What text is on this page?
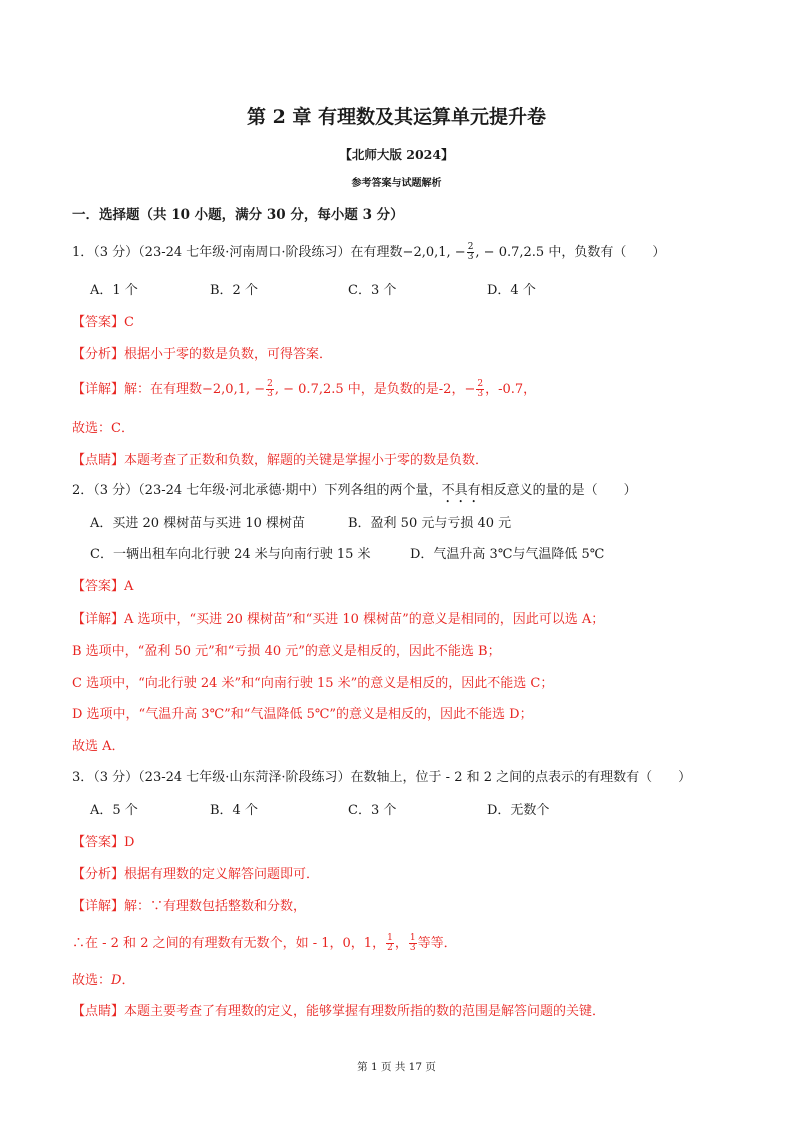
第 2 章 有理数及其运算单元提升卷
【北师大版 2024】
参考答案与试题解析
一．选择题（共 10 小题，满分 30 分，每小题 3 分）
1．（3 分）（23-24 七年级·河南周口·阶段练习）在有理数−2,0,1, − $\frac{2}{3}$ , − 0.7,2.5 中，负数有（ ）
A．1 个	B．2 个	C．3 个	D．4 个
【答案】C
【分析】根据小于零的数是负数，可得答案．
【详解】解：在有理数−2,0,1, − $\frac{2}{3}$ , − 0.7,2.5 中，是负数的是-2，− $\frac{2}{3}$ ，-0.7，
故选：C．
【点睛】本题考查了正数和负数，解题的关键是掌握小于零的数是负数．
2．（3 分）（23-24 七年级·河北承德·期中）下列各组的两个量，不具有相反意义的量的是（ ）
A．买进 20 棵树苗与买进 10 棵树苗	B．盈利 50 元与亏损 40 元
C．一辆出租车向北行驶 24 米与向南行驶 15 米	D．气温升高 3℃与气温降低 5℃
【答案】A
【详解】A 选项中，“买进 20 棵树苗”和“买进 10 棵树苗”的意义是相同的，因此可以选 A；
B 选项中，“盈利 50 元”和“亏损 40 元”的意义是相反的，因此不能选 B；
C 选项中，“向北行驶 24 米”和“向南行驶 15 米”的意义是相反的，因此不能选 C；
D 选项中，“气温升高 3℃”和“气温降低 5℃”的意义是相反的，因此不能选 D；
故选 A．
3．（3 分）（23-24 七年级·山东菏泽·阶段练习）在数轴上，位于 - 2 和 2 之间的点表示的有理数有（ ）
A．5 个	B．4 个	C．3 个	D．无数个
【答案】D
【分析】根据有理数的定义解答问题即可．
【详解】解：∵有理数包括整数和分数，
∴在 - 2 和 2 之间的有理数有无数个，如 - 1，0，1， $\frac{1}{2}$ ， $\frac{1}{3}$ 等等．
故选：D．
【点睛】本题主要考查了有理数的定义，能够掌握有理数所指的数的范围是解答问题的关键．
第 1 页 共 17 页
